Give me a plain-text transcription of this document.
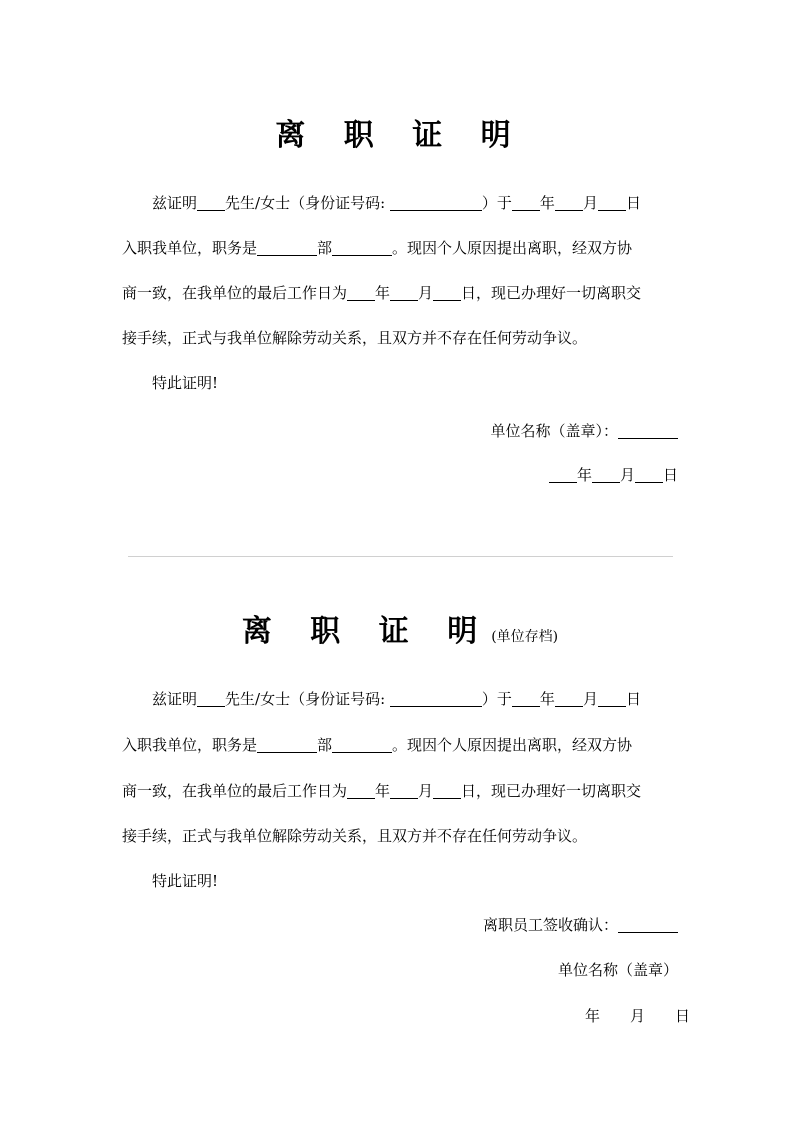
离 职 证 明
兹证明 先生/女士（身份证号码:	）于 年 月 日
入职我单位，职务是	部	。现因个人原因提出离职，经双方协
商一致，在我单位的最后工作日为 年 月 日，现已办理好一切离职交
接手续，正式与我单位解除劳动关系，且双方并不存在任何劳动争议。
特此证明!
单位名称（盖章）：
年 月 日
离 职 证 明(单位存档)
兹证明 先生/女士（身份证号码:	）于 年 月 日
入职我单位，职务是	部	。现因个人原因提出离职，经双方协
商一致，在我单位的最后工作日为 年 月 日，现已办理好一切离职交
接手续，正式与我单位解除劳动关系，且双方并不存在任何劳动争议。
特此证明!
离职员工签收确认：
单位名称（盖章）
年　　月　　日
